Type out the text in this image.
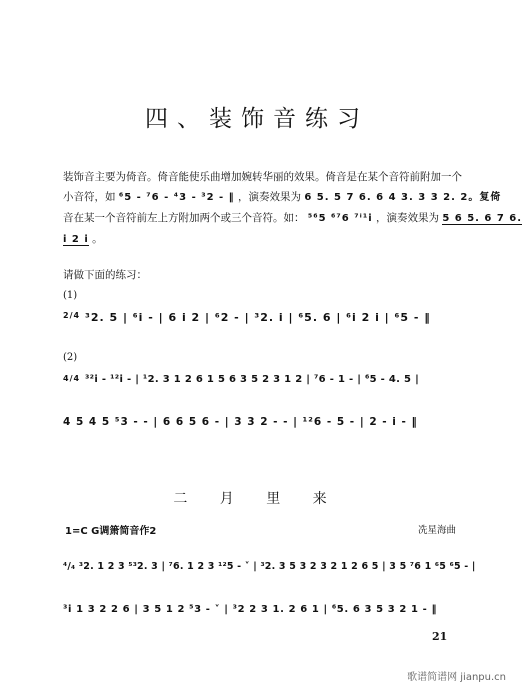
四、装饰音练习
装饰音主要为倚音。倚音能使乐曲增加婉转华丽的效果。倚音是在某个音符前附加一个
小音符，如 ⁶5 - ⁷6 - ⁴3 - ³2 - ‖ ，演奏效果为 6 5. 5 7 6. 6 4 3. 3 3 2. 2。复倚
音在某一个音符前左上方附加两个或三个音符。如： ⁵⁶5 ⁶⁷6 ⁷ⁱ¹i ，演奏效果为 5 6 5. 6 7 6.
i 2 i 。
请做下面的练习：
(1)
2/4 ³2. 5 | ⁶i - | 6 i 2 | ⁶2 - | ³2. i | ⁶5. 6 | ⁶i 2 i | ⁶5 - ‖
(2)
4/4 ³²i - ¹²i - | ¹2. 3 1 2 6 1 5 6 3 5 2 3 1 2 | ⁷6 - 1 - | ⁶5 - 4. 5 |
4 5 4 5 ⁵3 - - | 6 6 5 6 - | 3 3 2 - - | ¹²6 - 5 - | 2 - i - ‖
二 月 里 来
1=C G调箫简音作2	冼星海曲
⁴/₄ ³2. 1 2 3 ⁵³2. 3 | ⁷6. 1 2 3 ¹²5 - ˅ | ³2. 3 5 3 2 3 2 1 2 6 5 | 3 5 ⁷6 1 ⁶5 ⁶5 - |
³i 1 3 2 2 6 | 3 5 1 2 ⁵3 - ˅ | ³2 2 3 1. 2 6 1 | ⁶5. 6 3 5 3 2 1 - ‖
21
歌谱简谱网 jianpu.cn
